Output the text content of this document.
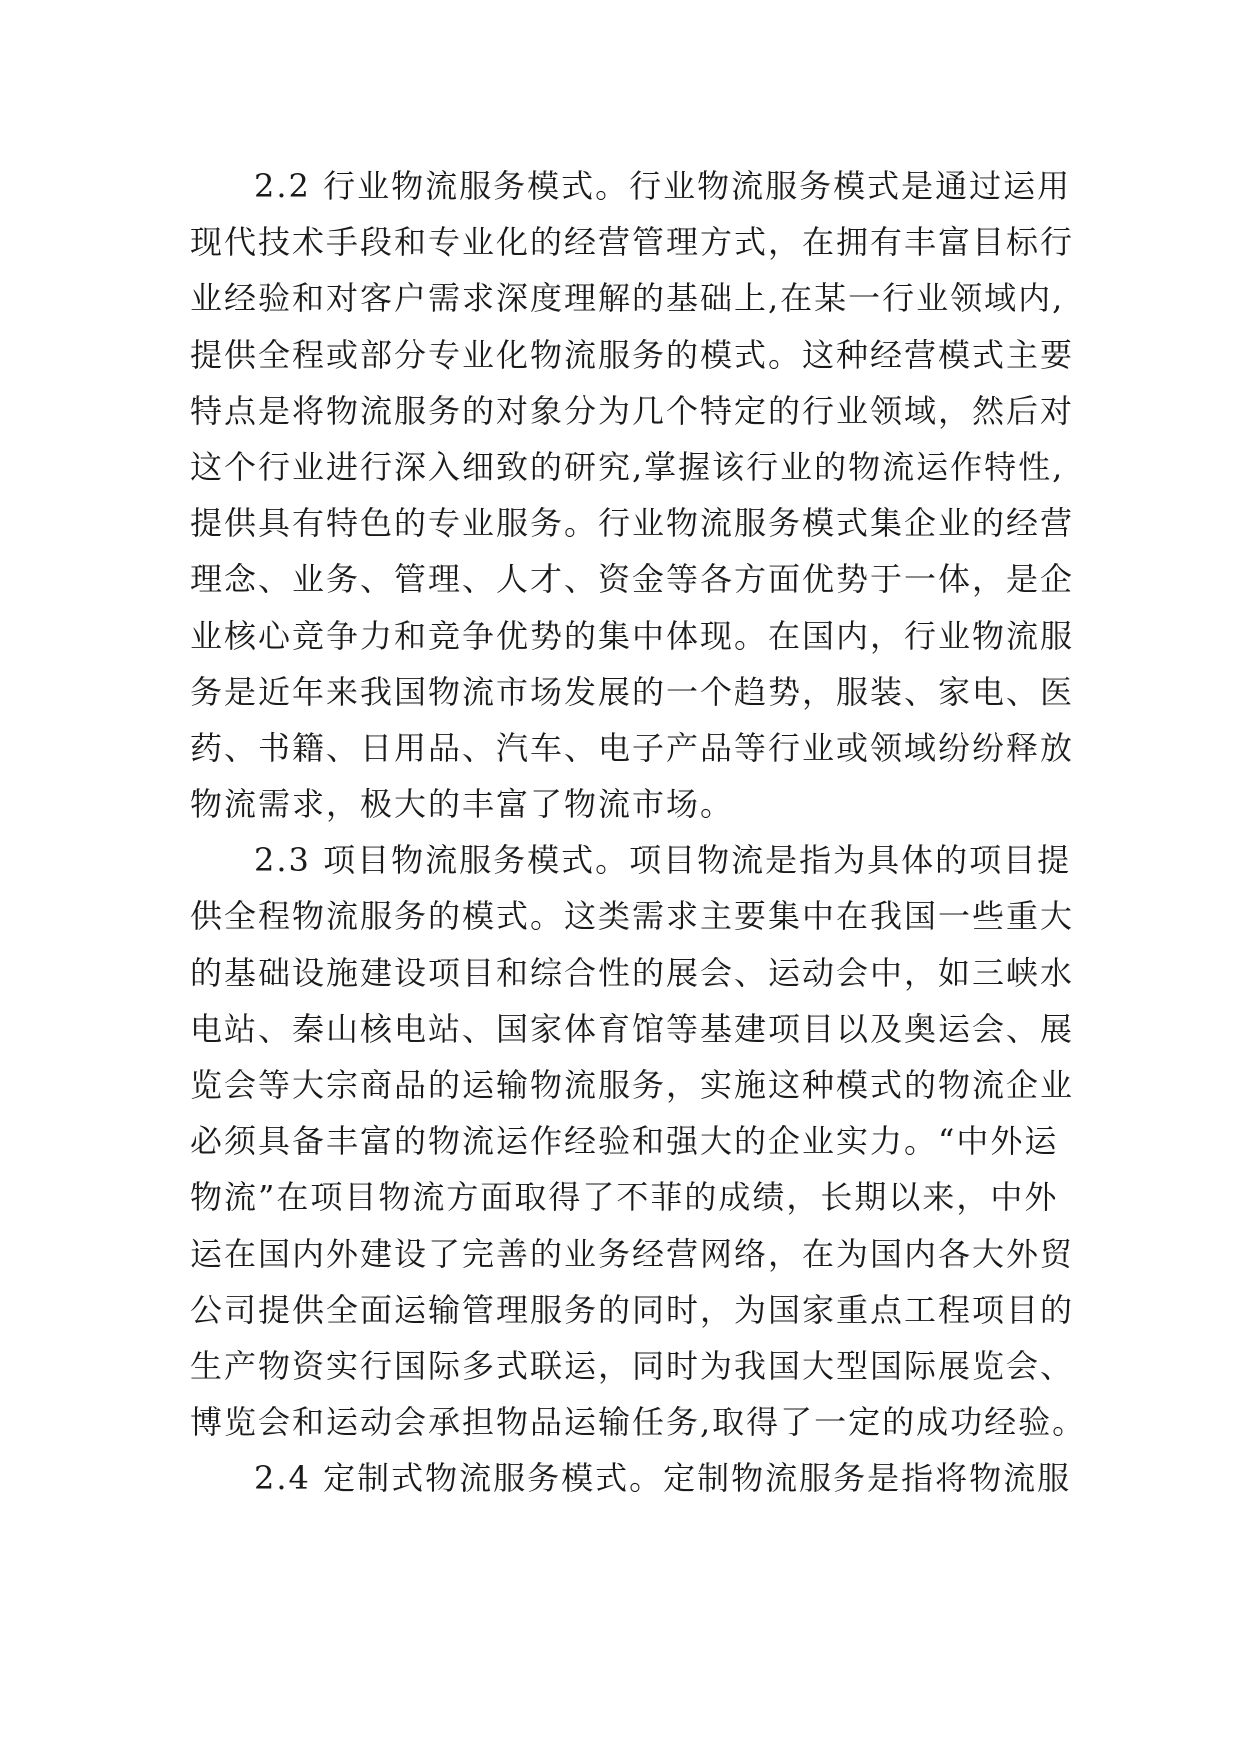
2.2 行业物流服务模式。行业物流服务模式是通过运用
现代技术手段和专业化的经营管理方式，在拥有丰富目标行
业经验和对客户需求深度理解的基础上,在某一行业领域内,
提供全程或部分专业化物流服务的模式。这种经营模式主要
特点是将物流服务的对象分为几个特定的行业领域，然后对
这个行业进行深入细致的研究,掌握该行业的物流运作特性,
提供具有特色的专业服务。行业物流服务模式集企业的经营
理念、业务、管理、人才、资金等各方面优势于一体，是企
业核心竞争力和竞争优势的集中体现。在国内，行业物流服
务是近年来我国物流市场发展的一个趋势，服装、家电、医
药、书籍、日用品、汽车、电子产品等行业或领域纷纷释放
物流需求，极大的丰富了物流市场。
2.3 项目物流服务模式。项目物流是指为具体的项目提
供全程物流服务的模式。这类需求主要集中在我国一些重大
的基础设施建设项目和综合性的展会、运动会中，如三峡水
电站、秦山核电站、国家体育馆等基建项目以及奥运会、展
览会等大宗商品的运输物流服务，实施这种模式的物流企业
必须具备丰富的物流运作经验和强大的企业实力。“中外运
物流”在项目物流方面取得了不菲的成绩，长期以来，中外
运在国内外建设了完善的业务经营网络，在为国内各大外贸
公司提供全面运输管理服务的同时，为国家重点工程项目的
生产物资实行国际多式联运，同时为我国大型国际展览会、
博览会和运动会承担物品运输任务,取得了一定的成功经验。
2.4 定制式物流服务模式。定制物流服务是指将物流服
